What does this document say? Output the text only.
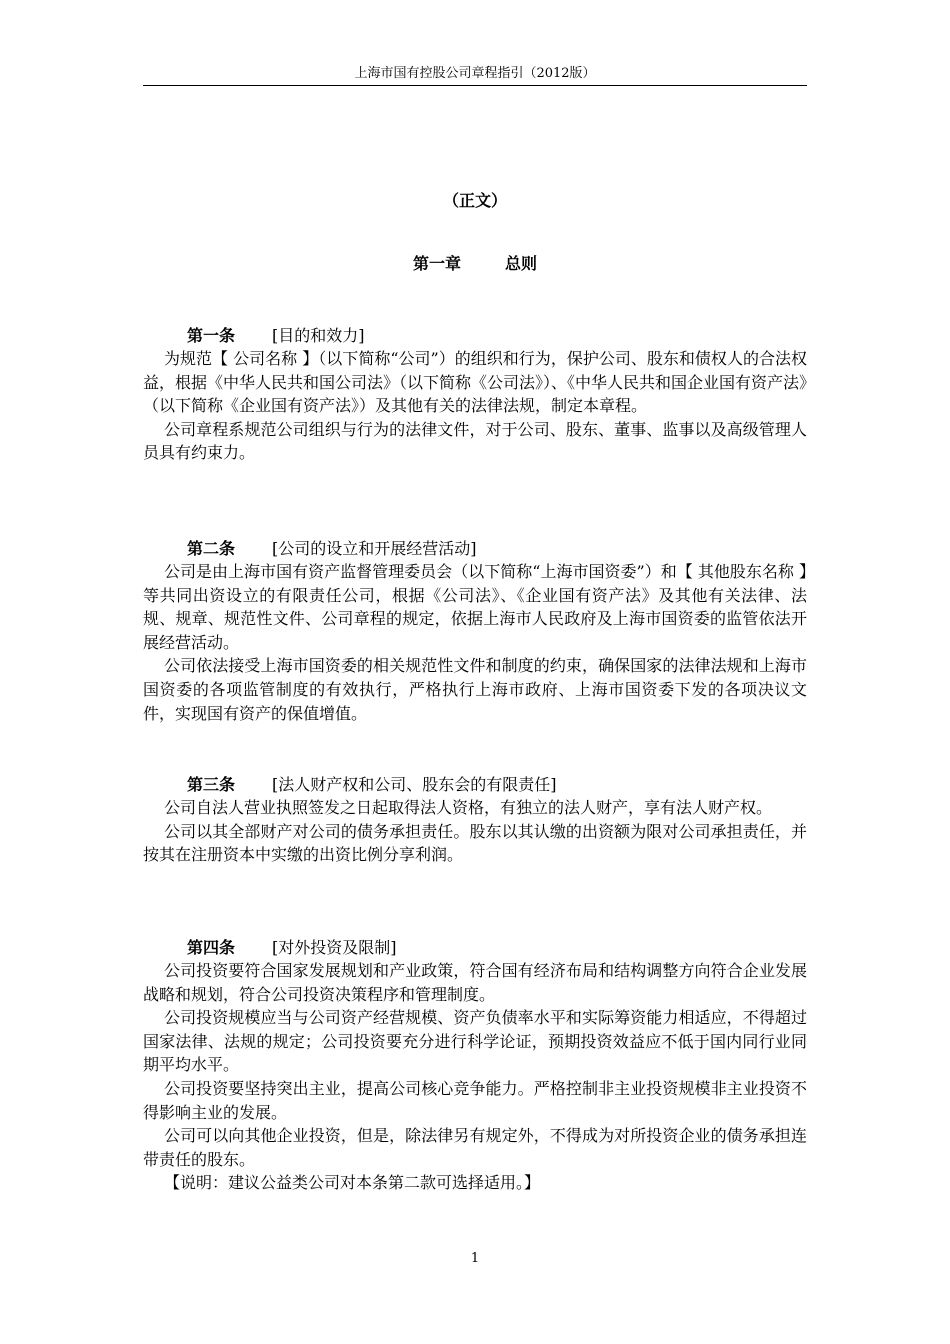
上海市国有控股公司章程指引（2012版）
（正文）
第一章	总则
第一条 [目的和效力]

为规范【 公司名称 】（以下简称“公司”）的组织和行为，保护公司、股东和债权人的合法权益，根据《中华人民共和国公司法》（以下简称《公司法》）、《中华人民共和国企业国有资产法》（以下简称《企业国有资产法》）及其他有关的法律法规，制定本章程。

公司章程系规范公司组织与行为的法律文件，对于公司、股东、董事、监事以及高级管理人员具有约束力。

第二条 [公司的设立和开展经营活动]

公司是由上海市国有资产监督管理委员会（以下简称“上海市国资委”）和【 其他股东名称 】等共同出资设立的有限责任公司，根据《公司法》、《企业国有资产法》及其他有关法律、法规、规章、规范性文件、公司章程的规定，依据上海市人民政府及上海市国资委的监管依法开展经营活动。

公司依法接受上海市国资委的相关规范性文件和制度的约束，确保国家的法律法规和上海市国资委的各项监管制度的有效执行，严格执行上海市政府、上海市国资委下发的各项决议文件，实现国有资产的保值增值。

第三条 [法人财产权和公司、股东会的有限责任]

公司自法人营业执照签发之日起取得法人资格，有独立的法人财产，享有法人财产权。

公司以其全部财产对公司的债务承担责任。股东以其认缴的出资额为限对公司承担责任，并按其在注册资本中实缴的出资比例分享利润。

第四条 [对外投资及限制]

公司投资要符合国家发展规划和产业政策，符合国有经济布局和结构调整方向符合企业发展战略和规划，符合公司投资决策程序和管理制度。

公司投资规模应当与公司资产经营规模、资产负债率水平和实际筹资能力相适应，不得超过国家法律、法规的规定；公司投资要充分进行科学论证，预期投资效益应不低于国内同行业同期平均水平。

公司投资要坚持突出主业，提高公司核心竞争能力。严格控制非主业投资规模非主业投资不得影响主业的发展。

公司可以向其他企业投资，但是，除法律另有规定外，不得成为对所投资企业的债务承担连带责任的股东。

【说明：建议公益类公司对本条第二款可选择适用。】

1
